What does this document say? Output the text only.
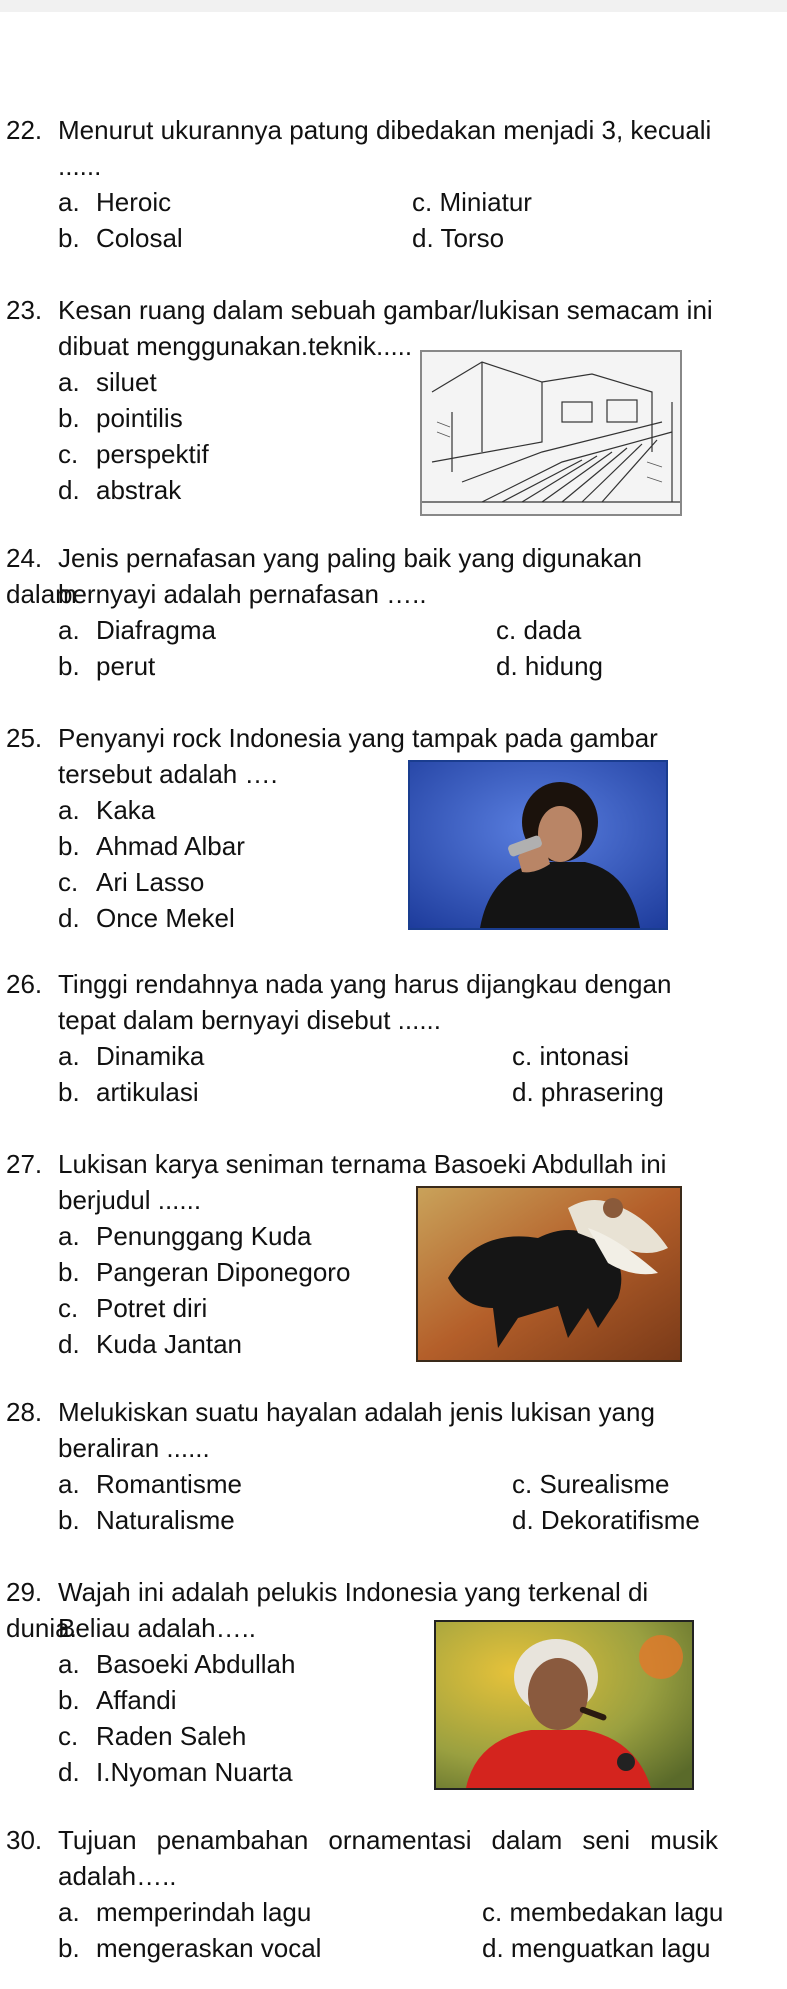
22. Menurut ukurannya patung dibedakan menjadi 3, kecuali
......
a. Heroic	c. Miniatur
b. Colosal	d. Torso
23. Kesan ruang dalam sebuah gambar/lukisan semacam ini
dibuat menggunakan.teknik.....
a. siluet
b. pointilis
c. perspektif
d. abstrak
24. Jenis pernafasan yang paling baik yang digunakan dalam
bernyayi adalah pernafasan …..
a. Diafragma	c. dada
b. perut	d. hidung
25. Penyanyi rock Indonesia yang tampak pada gambar
tersebut adalah ….
a. Kaka
b. Ahmad Albar
c. Ari Lasso
d. Once Mekel
26. Tinggi rendahnya nada yang harus dijangkau dengan
tepat dalam bernyayi disebut ......
a. Dinamika	c. intonasi
b. artikulasi	d. phrasering
27. Lukisan karya seniman ternama Basoeki Abdullah ini
berjudul ......
a. Penunggang Kuda
b. Pangeran Diponegoro
c. Potret diri
d. Kuda Jantan
28. Melukiskan suatu hayalan adalah jenis lukisan yang
beraliran ......
a. Romantisme	c. Surealisme
b. Naturalisme	d. Dekoratifisme
29. Wajah ini adalah pelukis Indonesia yang terkenal di dunia.
Beliau adalah…..
a. Basoeki Abdullah
b. Affandi
c. Raden Saleh
d. I.Nyoman Nuarta
30. Tujuan penambahan ornamentasi dalam seni musik
adalah…..
a. memperindah lagu	c. membedakan lagu
b. mengeraskan vocal	d. menguatkan lagu
